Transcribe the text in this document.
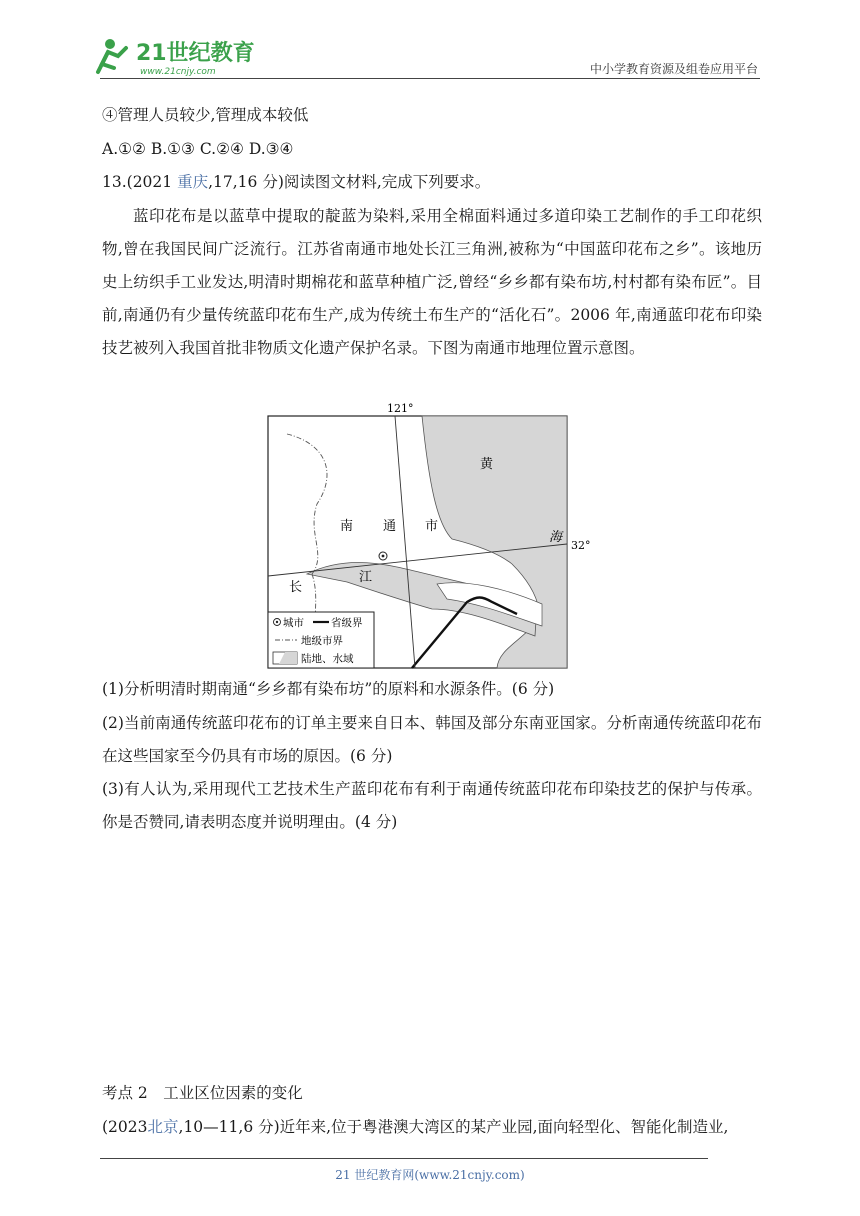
21世纪教育
www.21cnjy.com	中小学教育资源及组卷应用平台
④管理人员较少,管理成本较低
A.①② B.①③ C.②④ D.③④
13.(2021 重庆,17,16 分)阅读图文材料,完成下列要求。
蓝印花布是以蓝草中提取的靛蓝为染料,采用全棉面料通过多道印染工艺制作的手工印花织物,曾在我国民间广泛流行。江苏省南通市地处长江三角洲,被称为“中国蓝印花布之乡”。该地历史上纺织手工业发达,明清时期棉花和蓝草种植广泛,曾经“乡乡都有染布坊,村村都有染布匠”。目前,南通仍有少量传统蓝印花布生产,成为传统土布生产的“活化石”。2006 年,南通蓝印花布印染技艺被列入我国首批非物质文化遗产保护名录。下图为南通市地理位置示意图。
121°
32°
黄
海
南 通 市
长
江
城市	省级界
地级市界
陆地、水域
(1)分析明清时期南通“乡乡都有染布坊”的原料和水源条件。(6 分)
(2)当前南通传统蓝印花布的订单主要来自日本、韩国及部分东南亚国家。分析南通传统蓝印花布在这些国家至今仍具有市场的原因。(6 分)
(3)有人认为,采用现代工艺技术生产蓝印花布有利于南通传统蓝印花布印染技艺的保护与传承。你是否赞同,请表明态度并说明理由。(4 分)
考点 2　工业区位因素的变化
(2023北京,10—11,6 分)近年来,位于粤港澳大湾区的某产业园,面向轻型化、智能化制造业,
21 世纪教育网(www.21cnjy.com)
